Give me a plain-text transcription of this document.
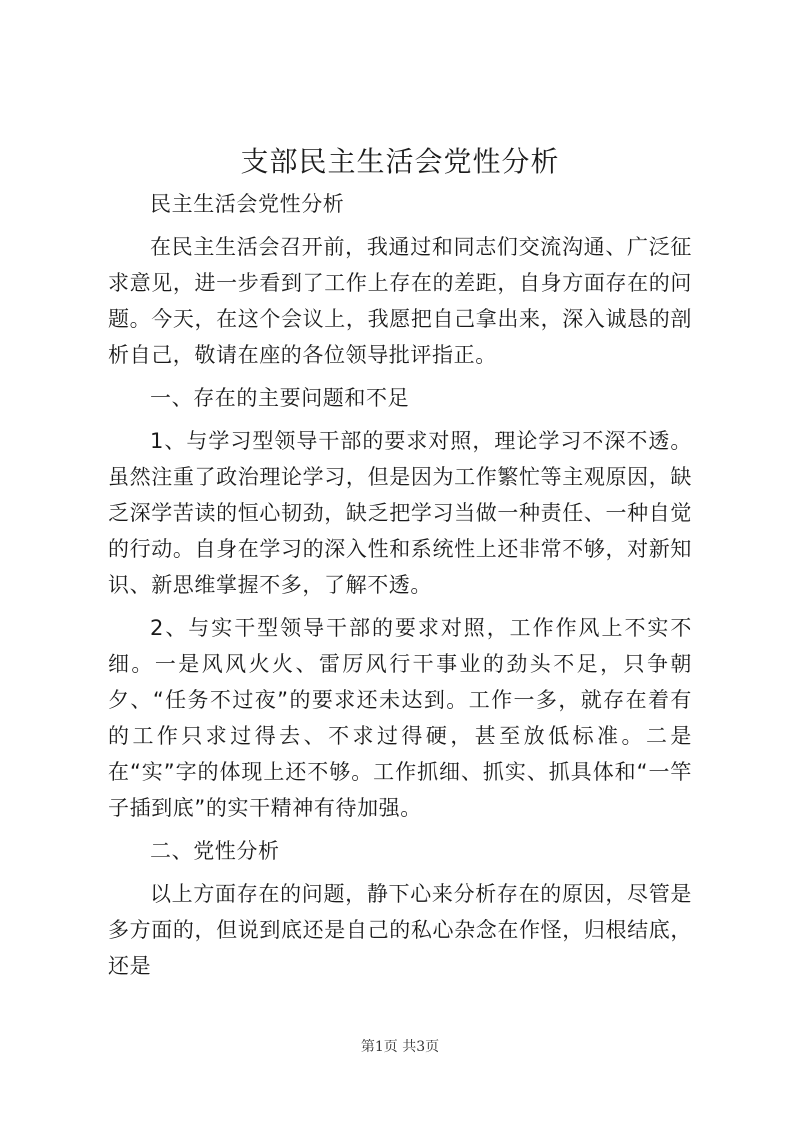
支部民主生活会党性分析

民主生活会党性分析

在民主生活会召开前，我通过和同志们交流沟通、广泛征求意见，进一步看到了工作上存在的差距，自身方面存在的问题。今天，在这个会议上，我愿把自己拿出来，深入诚恳的剖析自己，敬请在座的各位领导批评指正。

一、存在的主要问题和不足

1、与学习型领导干部的要求对照，理论学习不深不透。虽然注重了政治理论学习，但是因为工作繁忙等主观原因，缺乏深学苦读的恒心韧劲，缺乏把学习当做一种责任、一种自觉的行动。自身在学习的深入性和系统性上还非常不够，对新知识、新思维掌握不多，了解不透。

2、与实干型领导干部的要求对照，工作作风上不实不细。一是风风火火、雷厉风行干事业的劲头不足，只争朝夕、“任务不过夜”的要求还未达到。工作一多，就存在着有的工作只求过得去、不求过得硬，甚至放低标准。二是在“实”字的体现上还不够。工作抓细、抓实、抓具体和“一竿子插到底”的实干精神有待加强。

二、党性分析

以上方面存在的问题，静下心来分析存在的原因，尽管是多方面的，但说到底还是自己的私心杂念在作怪，归根结底，还是

第1页 共3页
